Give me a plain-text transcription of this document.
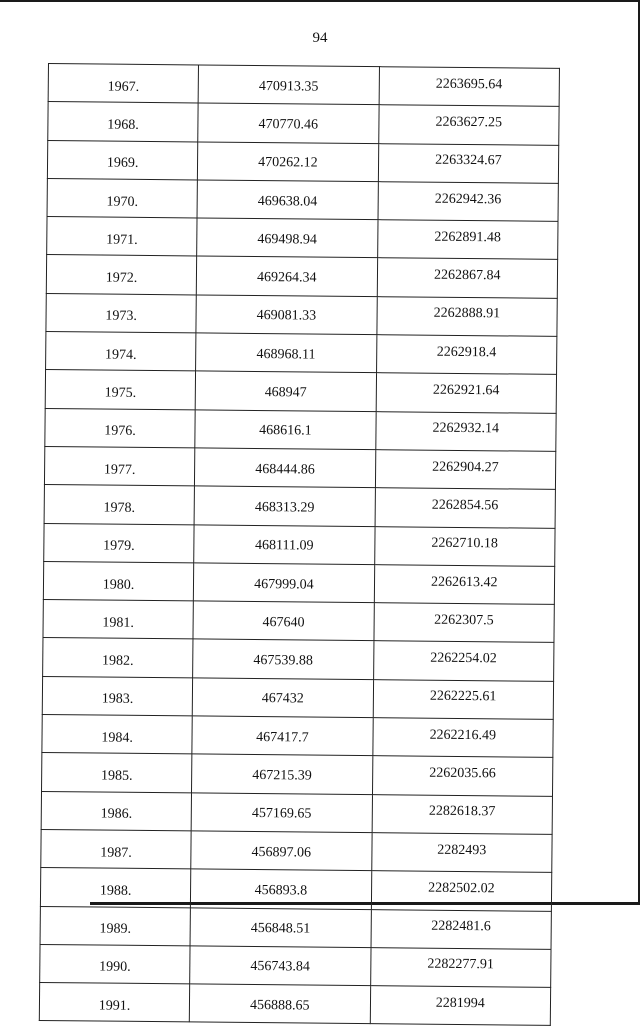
94
1967.	470913.35	2263695.64
1968.	470770.46	2263627.25
1969.	470262.12	2263324.67
1970.	469638.04	2262942.36
1971.	469498.94	2262891.48
1972.	469264.34	2262867.84
1973.	469081.33	2262888.91
1974.	468968.11	2262918.4
1975.	468947	2262921.64
1976.	468616.1	2262932.14
1977.	468444.86	2262904.27
1978.	468313.29	2262854.56
1979.	468111.09	2262710.18
1980.	467999.04	2262613.42
1981.	467640	2262307.5
1982.	467539.88	2262254.02
1983.	467432	2262225.61
1984.	467417.7	2262216.49
1985.	467215.39	2262035.66
1986.	457169.65	2282618.37
1987.	456897.06	2282493
1988.	456893.8	2282502.02
1989.	456848.51	2282481.6
1990.	456743.84	2282277.91
1991.	456888.65	2281994
